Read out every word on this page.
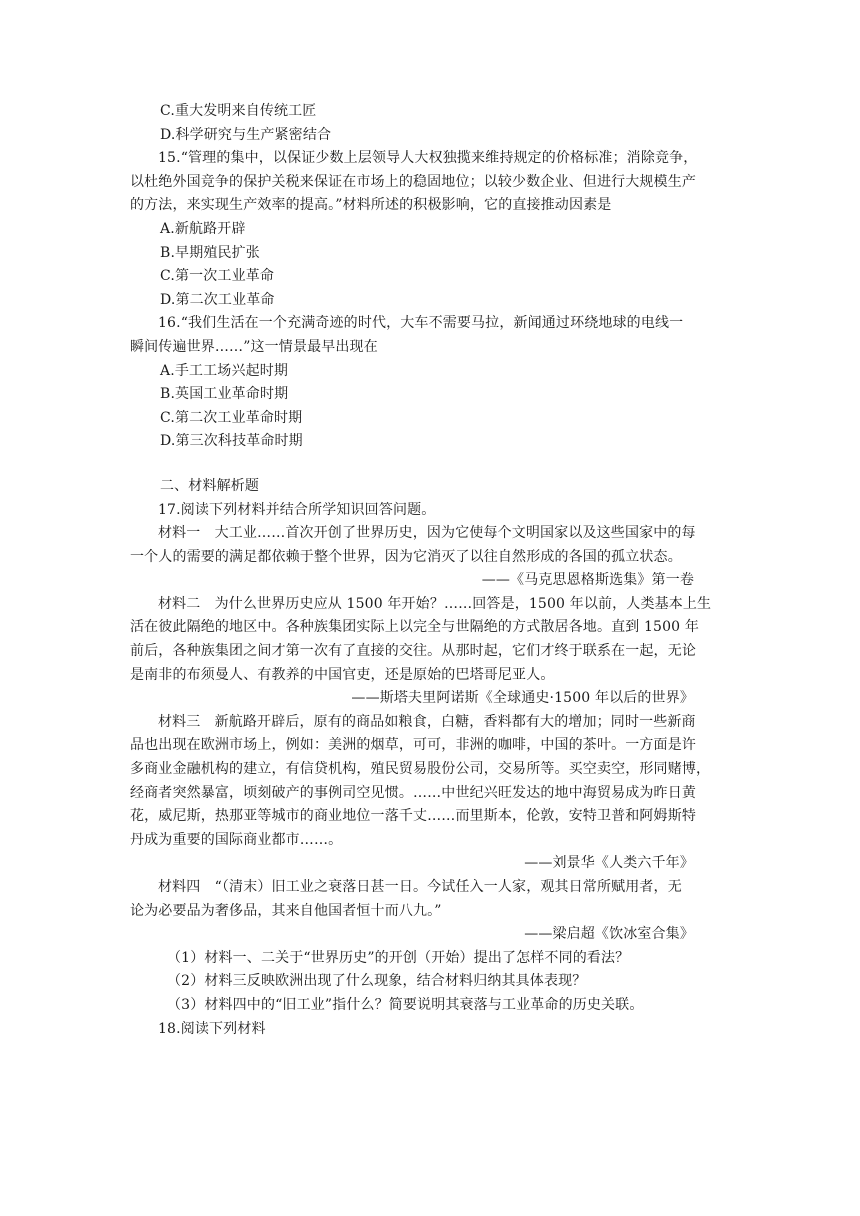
C.重大发明来自传统工匠
D.科学研究与生产紧密结合
15.“管理的集中，以保证少数上层领导人大权独揽来维持规定的价格标准；消除竞争，
以杜绝外国竞争的保护关税来保证在市场上的稳固地位；以较少数企业、但进行大规模生产
的方法，来实现生产效率的提高。”材料所述的积极影响，它的直接推动因素是
A.新航路开辟
B.早期殖民扩张
C.第一次工业革命
D.第二次工业革命
16.“我们生活在一个充满奇迹的时代，大车不需要马拉，新闻通过环绕地球的电线一
瞬间传遍世界……”这一情景最早出现在
A.手工工场兴起时期
B.英国工业革命时期
C.第二次工业革命时期
D.第三次科技革命时期
二、材料解析题
17.阅读下列材料并结合所学知识回答问题。
材料一　大工业……首次开创了世界历史，因为它使每个文明国家以及这些国家中的每
一个人的需要的满足都依赖于整个世界，因为它消灭了以往自然形成的各国的孤立状态。
——《马克思恩格斯选集》第一卷
材料二　为什么世界历史应从 1500 年开始？……回答是，1500 年以前，人类基本上生
活在彼此隔绝的地区中。各种族集团实际上以完全与世隔绝的方式散居各地。直到 1500 年
前后，各种族集团之间才第一次有了直接的交往。从那时起，它们才终于联系在一起，无论
是南非的布须曼人、有教养的中国官吏，还是原始的巴塔哥尼亚人。
——斯塔夫里阿诺斯《全球通史·1500 年以后的世界》
材料三　新航路开辟后，原有的商品如粮食，白糖，香料都有大的增加；同时一些新商
品也出现在欧洲市场上，例如：美洲的烟草，可可，非洲的咖啡，中国的茶叶。一方面是许
多商业金融机构的建立，有信贷机构，殖民贸易股份公司，交易所等。买空卖空，形同赌博，
经商者突然暴富，顷刻破产的事例司空见惯。……中世纪兴旺发达的地中海贸易成为昨日黄
花，威尼斯，热那亚等城市的商业地位一落千丈……而里斯本，伦敦，安特卫普和阿姆斯特
丹成为重要的国际商业都市……。
——刘景华《人类六千年》
材料四　“（清末）旧工业之衰落日甚一日。今试任入一人家，观其日常所赋用者，无
论为必要品为奢侈品，其来自他国者恒十而八九。”
——梁启超《饮冰室合集》
（1）材料一、二关于“世界历史”的开创（开始）提出了怎样不同的看法？
（2）材料三反映欧洲出现了什么现象，结合材料归纳其具体表现？
（3）材料四中的“旧工业”指什么？简要说明其衰落与工业革命的历史关联。
18.阅读下列材料
